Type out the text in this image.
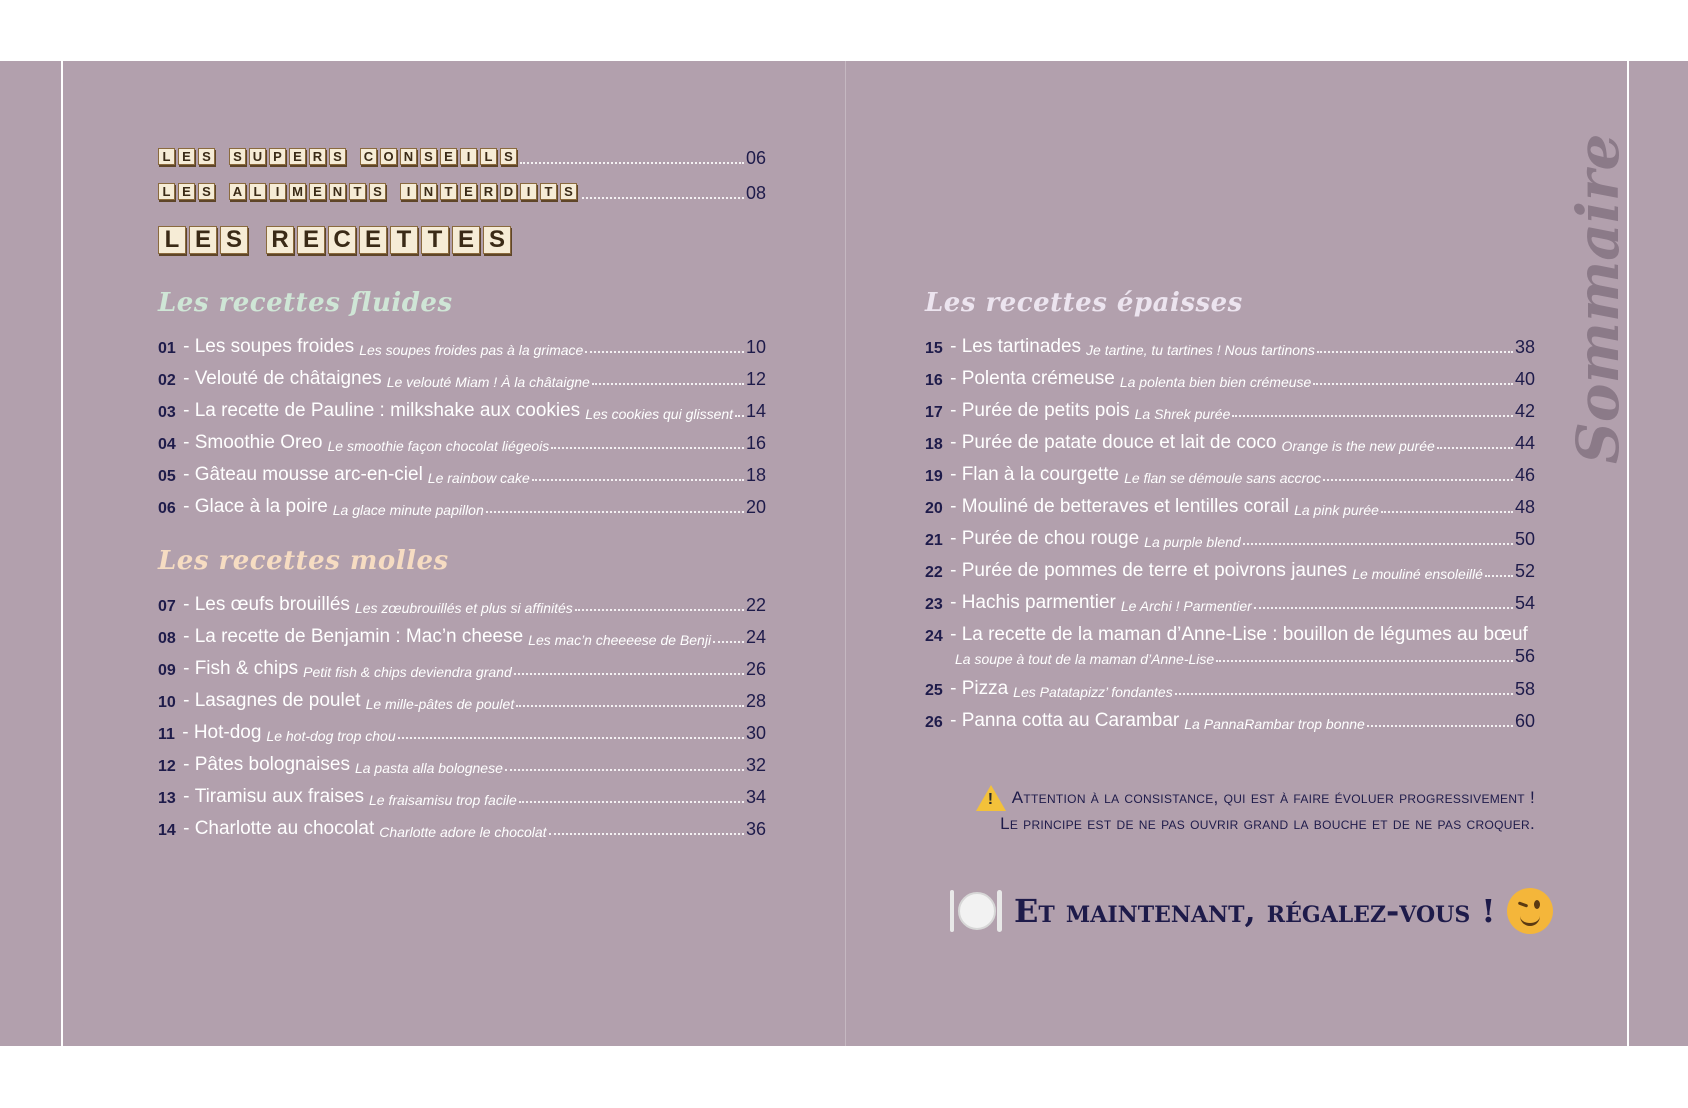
L E S	S U P E R S	C O N S E	I	L S	06
L E S	A L	I M E N T S	I	N T E R D	I	T S	08
L E S R E C E T T E S
Les recettes fluides
Les recettes molles
Les recettes épaisses
01 - Les soupes froides Les soupes froides pas à la grimace	10
02 - Velouté de châtaignes Le velouté Miam ! À la châtaigne	12
03 - La recette de Pauline : milkshake aux cookies Les cookies qui glissent 14
04 - Smoothie Oreo Le smoothie façon chocolat liégeois	16
05 - Gâteau mousse arc-en-ciel Le rainbow cake	18
06 - Glace à la poire La glace minute papillon	20
07 - Les œufs brouillés Les zœubrouillés et plus si affinités	22
08 - La recette de Benjamin : Mac’n cheese Les mac’n cheeeese de Benji 24
09 - Fish & chips Petit fish & chips deviendra grand	26
10 - Lasagnes de poulet Le mille-pâtes de poulet	28
11 - Hot-dog Le hot-dog trop chou	30
12 - Pâtes bolognaises La pasta alla bolognese	32
13 - Tiramisu aux fraises Le fraisamisu trop facile	34
14 - Charlotte au chocolat Charlotte adore le chocolat	36
15 - Les tartinades Je tartine, tu tartines ! Nous tartinons	38
16 - Polenta crémeuse La polenta bien bien crémeuse	40
17 - Purée de petits pois La Shrek purée	42
18 - Purée de patate douce et lait de coco Orange is the new purée	44
19 - Flan à la courgette Le flan se démoule sans accroc	46
20 - Mouliné de betteraves et lentilles corail La pink purée	48
21 - Purée de chou rouge La purple blend	50
22 - Purée de pommes de terre et poivrons jaunes Le mouliné ensoleillé 52
23 - Hachis parmentier Le Archi ! Parmentier	54
24 - La recette de la maman d’Anne-Lise : bouillon de légumes au bœuf
La soupe à tout de la maman d’Anne-Lise	56
25 - Pizza Les Patatapizz’ fondantes	58
26 - Panna cotta au Carambar La PannaRambar trop bonne	60
! Attention à la consistance, qui est à faire évoluer progressivement !
Le principe est de ne pas ouvrir grand la bouche et de ne pas croquer.
Et maintenant, régalez-vous !
Sommaire
